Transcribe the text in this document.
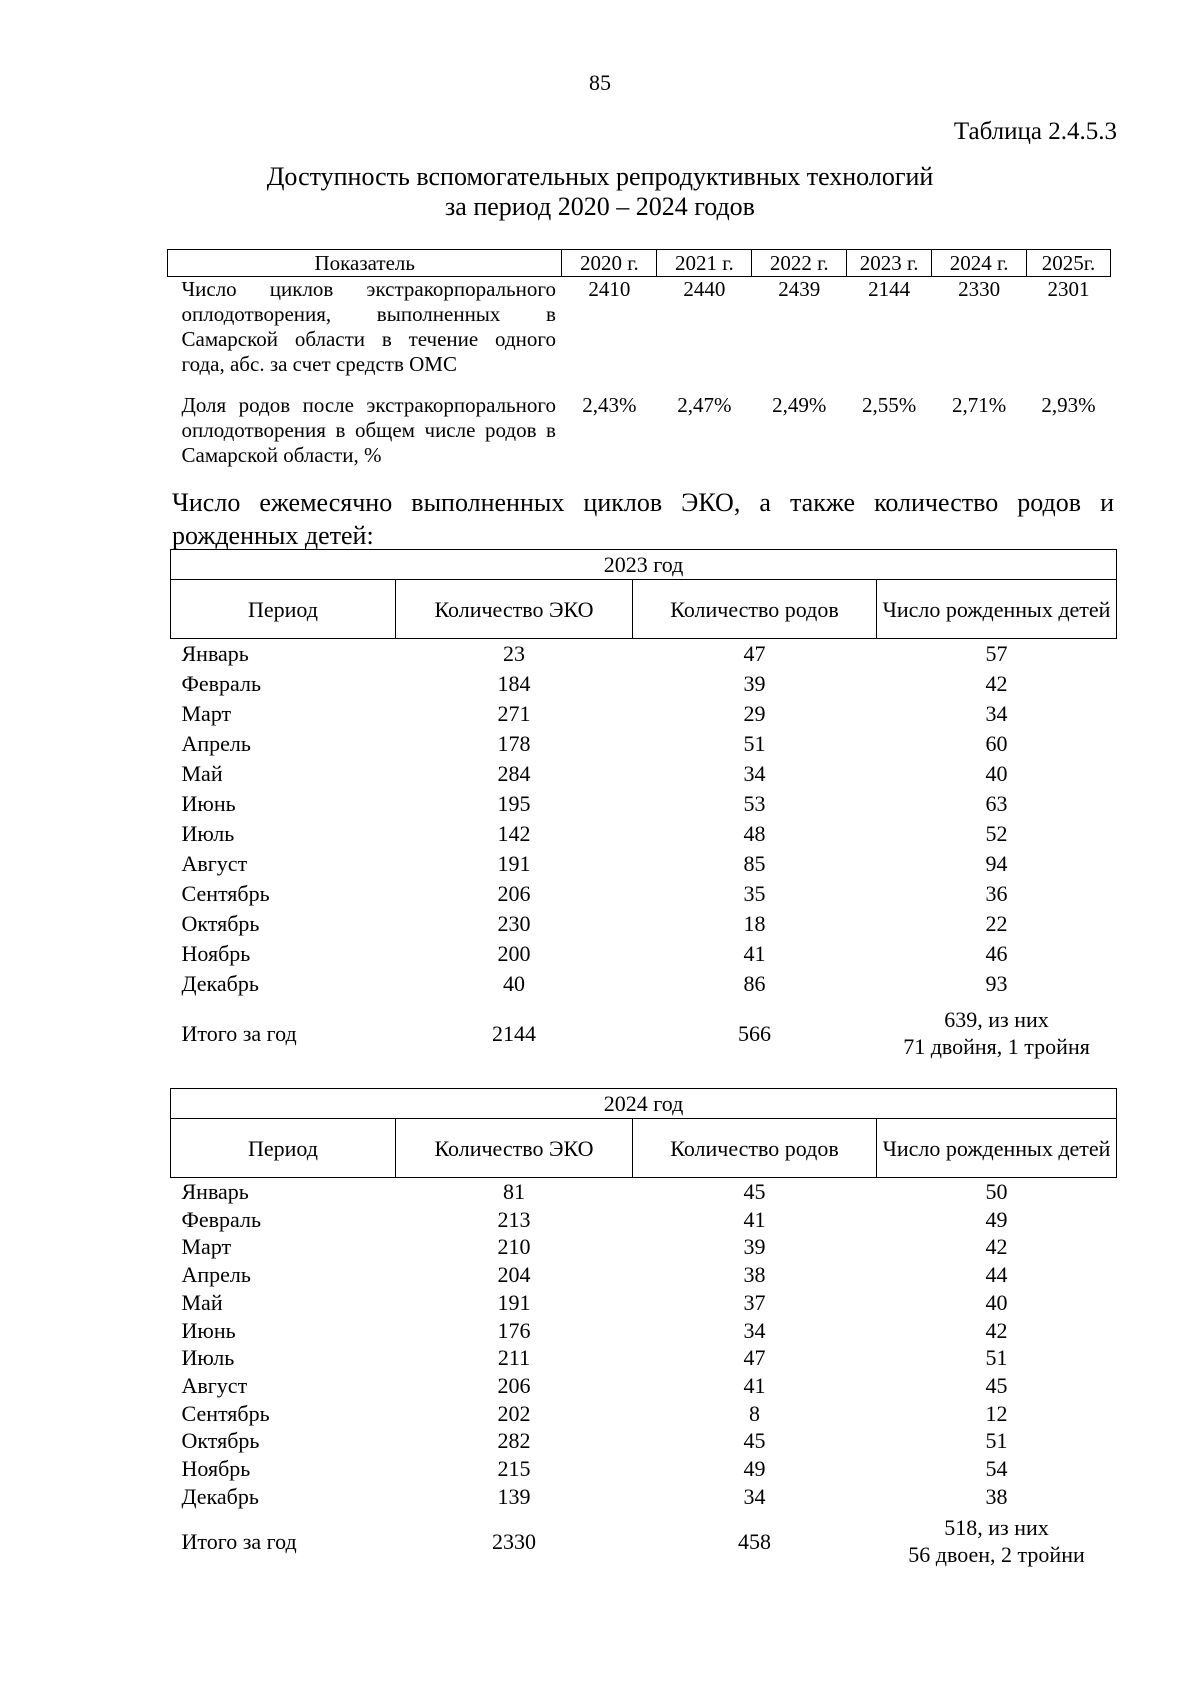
85
Таблица 2.4.5.3
Доступность вспомогательных репродуктивных технологий
за период 2020 – 2024 годов
Показатель	2020 г.	2021 г.	2022 г.	2023 г.	2024 г.	2025г.
Число циклов экстракорпорального оплодотворения, выполненных в Самарской области в течение одного года, абс. за счет средств ОМС	2410	2440	2439	2144	2330	2301
Доля родов после экстракорпорального оплодотворения в общем числе родов в Самарской области, %	2,43%	2,47%	2,49%	2,55%	2,71%	2,93%
Число ежемесячно выполненных циклов ЭКО, а также количество родов и рожденных детей:
2023 год			
Период	Количество ЭКО	Количество родов	Число рожденных детей
Январь	23	47	57
Февраль	184	39	42
Март	271	29	34
Апрель	178	51	60
Май	284	34	40
Июнь	195	53	63
Июль	142	48	52
Август	191	85	94
Сентябрь	206	35	36
Октябрь	230	18	22
Ноябрь	200	41	46
Декабрь	40	86	93
Итого за год	2144	566	639, из них
71 двойня, 1 тройня
2024 год			
Период	Количество ЭКО	Количество родов	Число рожденных детей
Январь	81	45	50
Февраль	213	41	49
Март	210	39	42
Апрель	204	38	44
Май	191	37	40
Июнь	176	34	42
Июль	211	47	51
Август	206	41	45
Сентябрь	202	8	12
Октябрь	282	45	51
Ноябрь	215	49	54
Декабрь	139	34	38
Итого за год	2330	458	518, из них
56 двоен, 2 тройни
